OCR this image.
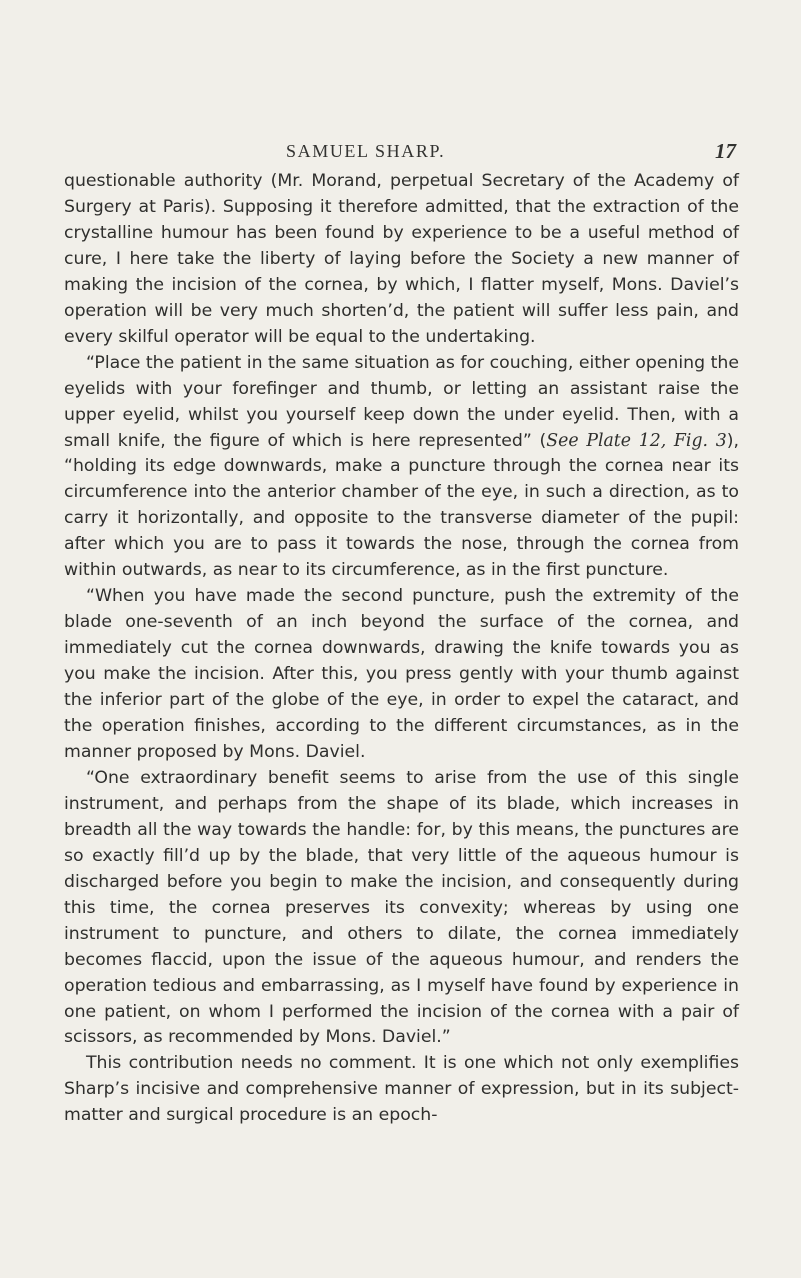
SAMUEL SHARP.	17

questionable authority (Mr. Morand, perpetual Secretary of the Academy of Surgery at Paris). Supposing it therefore admitted, that the extraction of the crystalline humour has been found by experience to be a useful method of cure, I here take the liberty of laying before the Society a new manner of making the incision of the cornea, by which, I flatter myself, Mons. Daviel’s operation will be very much shorten’d, the patient will suffer less pain, and every skilful operator will be equal to the undertaking.

“Place the patient in the same situation as for couching, either opening the eyelids with your forefinger and thumb, or letting an assistant raise the upper eyelid, whilst you yourself keep down the under eyelid. Then, with a small knife, the figure of which is here represented” (See Plate 12, Fig. 3), “holding its edge downwards, make a puncture through the cornea near its circumference into the anterior chamber of the eye, in such a direction, as to carry it horizontally, and opposite to the transverse diameter of the pupil: after which you are to pass it towards the nose, through the cornea from within outwards, as near to its circumference, as in the first puncture.

“When you have made the second puncture, push the extremity of the blade one-seventh of an inch beyond the surface of the cornea, and immediately cut the cornea downwards, drawing the knife towards you as you make the incision. After this, you press gently with your thumb against the inferior part of the globe of the eye, in order to expel the cataract, and the operation finishes, according to the different circumstances, as in the manner proposed by Mons. Daviel.

“One extraordinary benefit seems to arise from the use of this single instrument, and perhaps from the shape of its blade, which increases in breadth all the way towards the handle: for, by this means, the punctures are so exactly fill’d up by the blade, that very little of the aqueous humour is discharged before you begin to make the incision, and consequently during this time, the cornea preserves its convexity; whereas by using one instrument to puncture, and others to dilate, the cornea immediately becomes flaccid, upon the issue of the aqueous humour, and renders the operation tedious and embarrassing, as I myself have found by experience in one patient, on whom I performed the incision of the cornea with a pair of scissors, as recommended by Mons. Daviel.”

This contribution needs no comment. It is one which not only exemplifies Sharp’s incisive and comprehensive manner of expression, but in its subject-matter and surgical procedure is an epoch-
